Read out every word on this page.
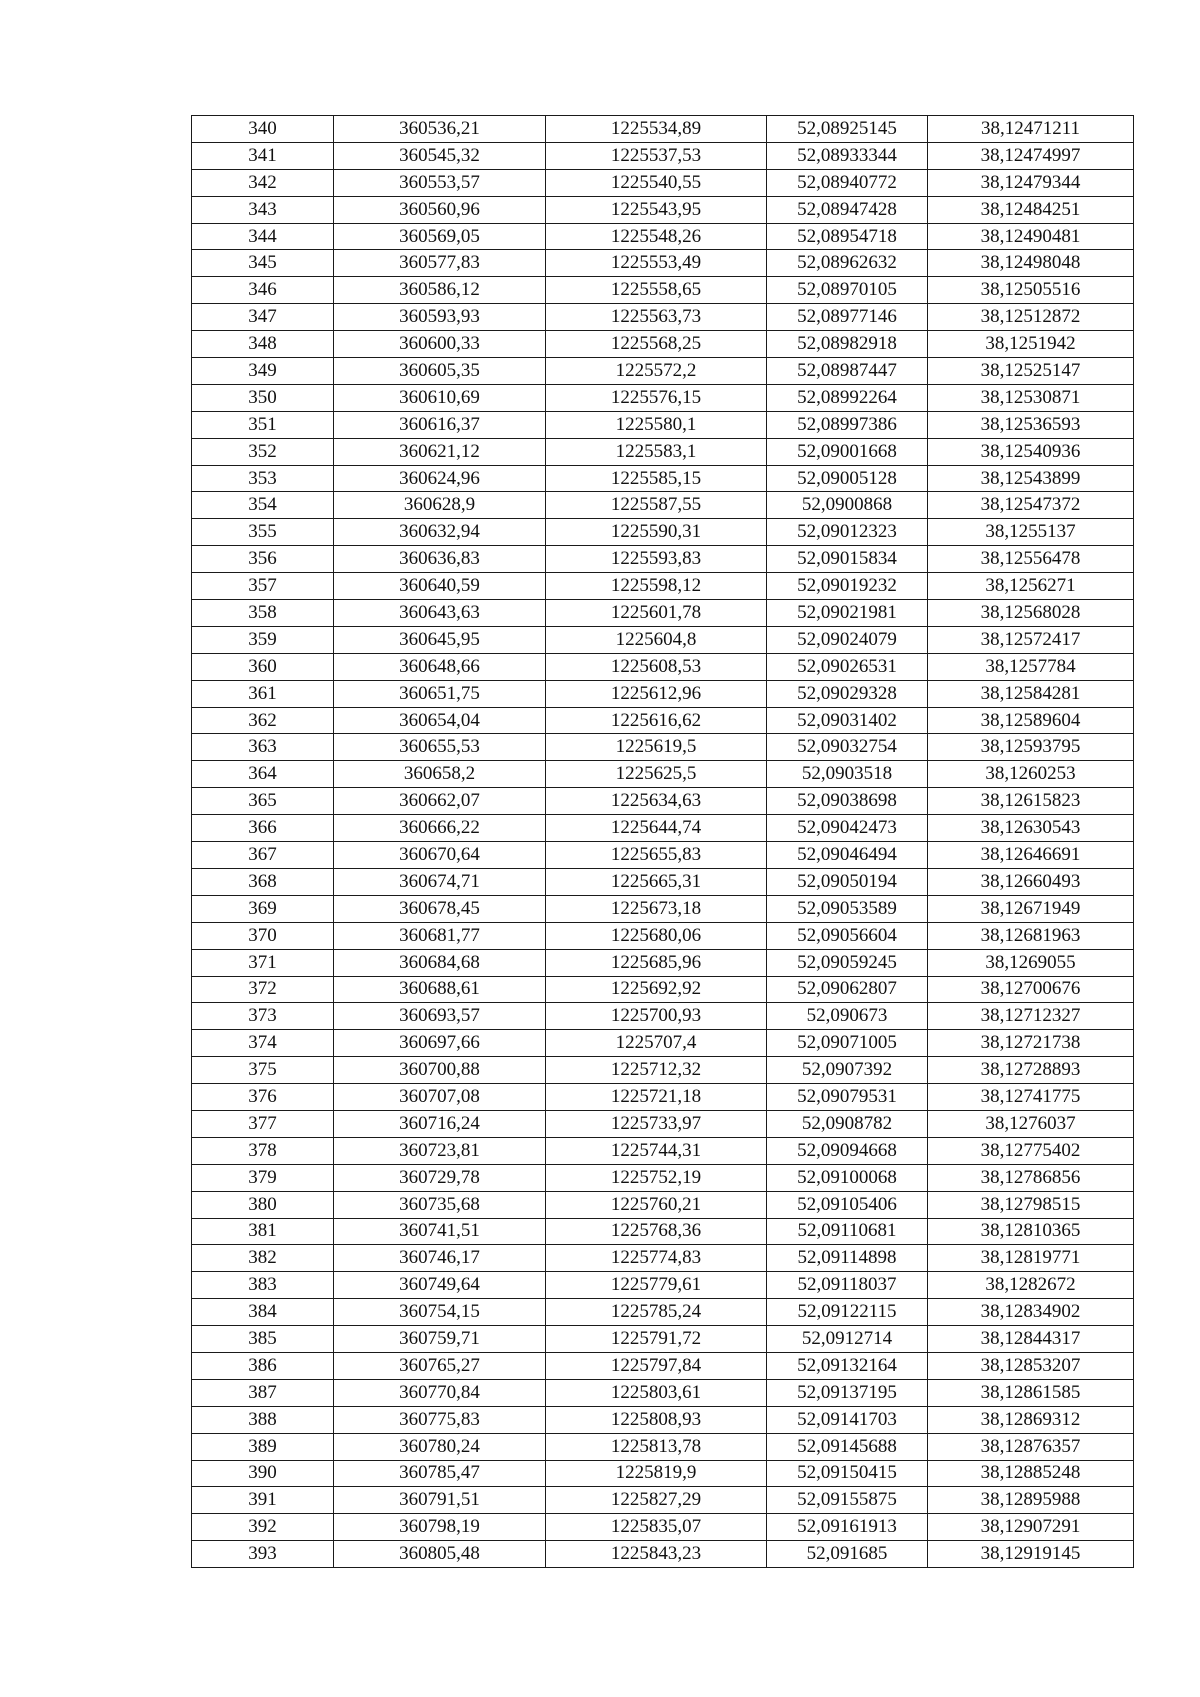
340	360536,21	1225534,89	52,08925145	38,12471211
341	360545,32	1225537,53	52,08933344	38,12474997
342	360553,57	1225540,55	52,08940772	38,12479344
343	360560,96	1225543,95	52,08947428	38,12484251
344	360569,05	1225548,26	52,08954718	38,12490481
345	360577,83	1225553,49	52,08962632	38,12498048
346	360586,12	1225558,65	52,08970105	38,12505516
347	360593,93	1225563,73	52,08977146	38,12512872
348	360600,33	1225568,25	52,08982918	38,1251942
349	360605,35	1225572,2	52,08987447	38,12525147
350	360610,69	1225576,15	52,08992264	38,12530871
351	360616,37	1225580,1	52,08997386	38,12536593
352	360621,12	1225583,1	52,09001668	38,12540936
353	360624,96	1225585,15	52,09005128	38,12543899
354	360628,9	1225587,55	52,0900868	38,12547372
355	360632,94	1225590,31	52,09012323	38,1255137
356	360636,83	1225593,83	52,09015834	38,12556478
357	360640,59	1225598,12	52,09019232	38,1256271
358	360643,63	1225601,78	52,09021981	38,12568028
359	360645,95	1225604,8	52,09024079	38,12572417
360	360648,66	1225608,53	52,09026531	38,1257784
361	360651,75	1225612,96	52,09029328	38,12584281
362	360654,04	1225616,62	52,09031402	38,12589604
363	360655,53	1225619,5	52,09032754	38,12593795
364	360658,2	1225625,5	52,0903518	38,1260253
365	360662,07	1225634,63	52,09038698	38,12615823
366	360666,22	1225644,74	52,09042473	38,12630543
367	360670,64	1225655,83	52,09046494	38,12646691
368	360674,71	1225665,31	52,09050194	38,12660493
369	360678,45	1225673,18	52,09053589	38,12671949
370	360681,77	1225680,06	52,09056604	38,12681963
371	360684,68	1225685,96	52,09059245	38,1269055
372	360688,61	1225692,92	52,09062807	38,12700676
373	360693,57	1225700,93	52,090673	38,12712327
374	360697,66	1225707,4	52,09071005	38,12721738
375	360700,88	1225712,32	52,0907392	38,12728893
376	360707,08	1225721,18	52,09079531	38,12741775
377	360716,24	1225733,97	52,0908782	38,1276037
378	360723,81	1225744,31	52,09094668	38,12775402
379	360729,78	1225752,19	52,09100068	38,12786856
380	360735,68	1225760,21	52,09105406	38,12798515
381	360741,51	1225768,36	52,09110681	38,12810365
382	360746,17	1225774,83	52,09114898	38,12819771
383	360749,64	1225779,61	52,09118037	38,1282672
384	360754,15	1225785,24	52,09122115	38,12834902
385	360759,71	1225791,72	52,0912714	38,12844317
386	360765,27	1225797,84	52,09132164	38,12853207
387	360770,84	1225803,61	52,09137195	38,12861585
388	360775,83	1225808,93	52,09141703	38,12869312
389	360780,24	1225813,78	52,09145688	38,12876357
390	360785,47	1225819,9	52,09150415	38,12885248
391	360791,51	1225827,29	52,09155875	38,12895988
392	360798,19	1225835,07	52,09161913	38,12907291
393	360805,48	1225843,23	52,091685	38,12919145
